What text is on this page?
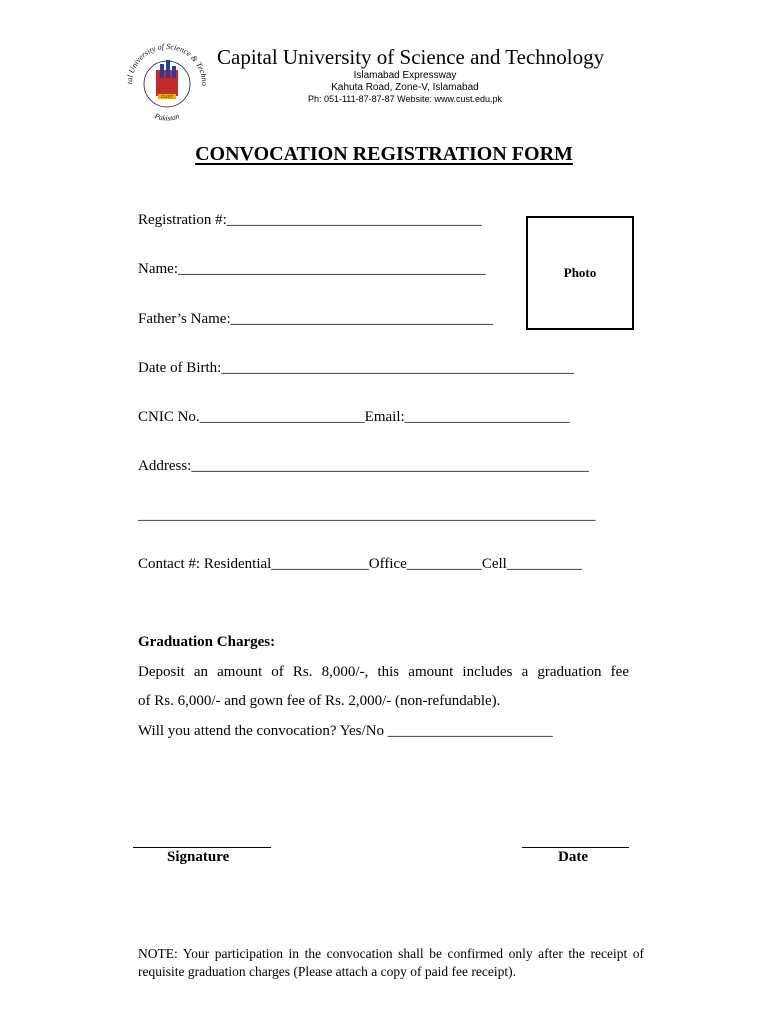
CUST
tal University of Science & Techno
Pakistan
Capital University of Science and Technology
Islamabad Expressway
Kahuta Road, Zone-V, Islamabad
Ph: 051-111-87-87-87 Website: www.cust.edu.pk
CONVOCATION REGISTRATION FORM
Registration #:__________________________________
Name:_________________________________________
Father’s Name:___________________________________
Photo
Date of Birth:_______________________________________________
CNIC No.______________________Email:______________________
Address:_____________________________________________________
_____________________________________________________________
Contact #: Residential_____________Office__________Cell__________
Graduation Charges:
Deposit an amount of Rs. 8,000/-, this amount includes a graduation fee
of Rs. 6,000/- and gown fee of Rs. 2,000/- (non-refundable).
Will you attend the convocation? Yes/No ______________________
Signature	Date
NOTE: Your participation in the convocation shall be confirmed only after the receipt of requisite graduation charges (Please attach a copy of paid fee receipt).
